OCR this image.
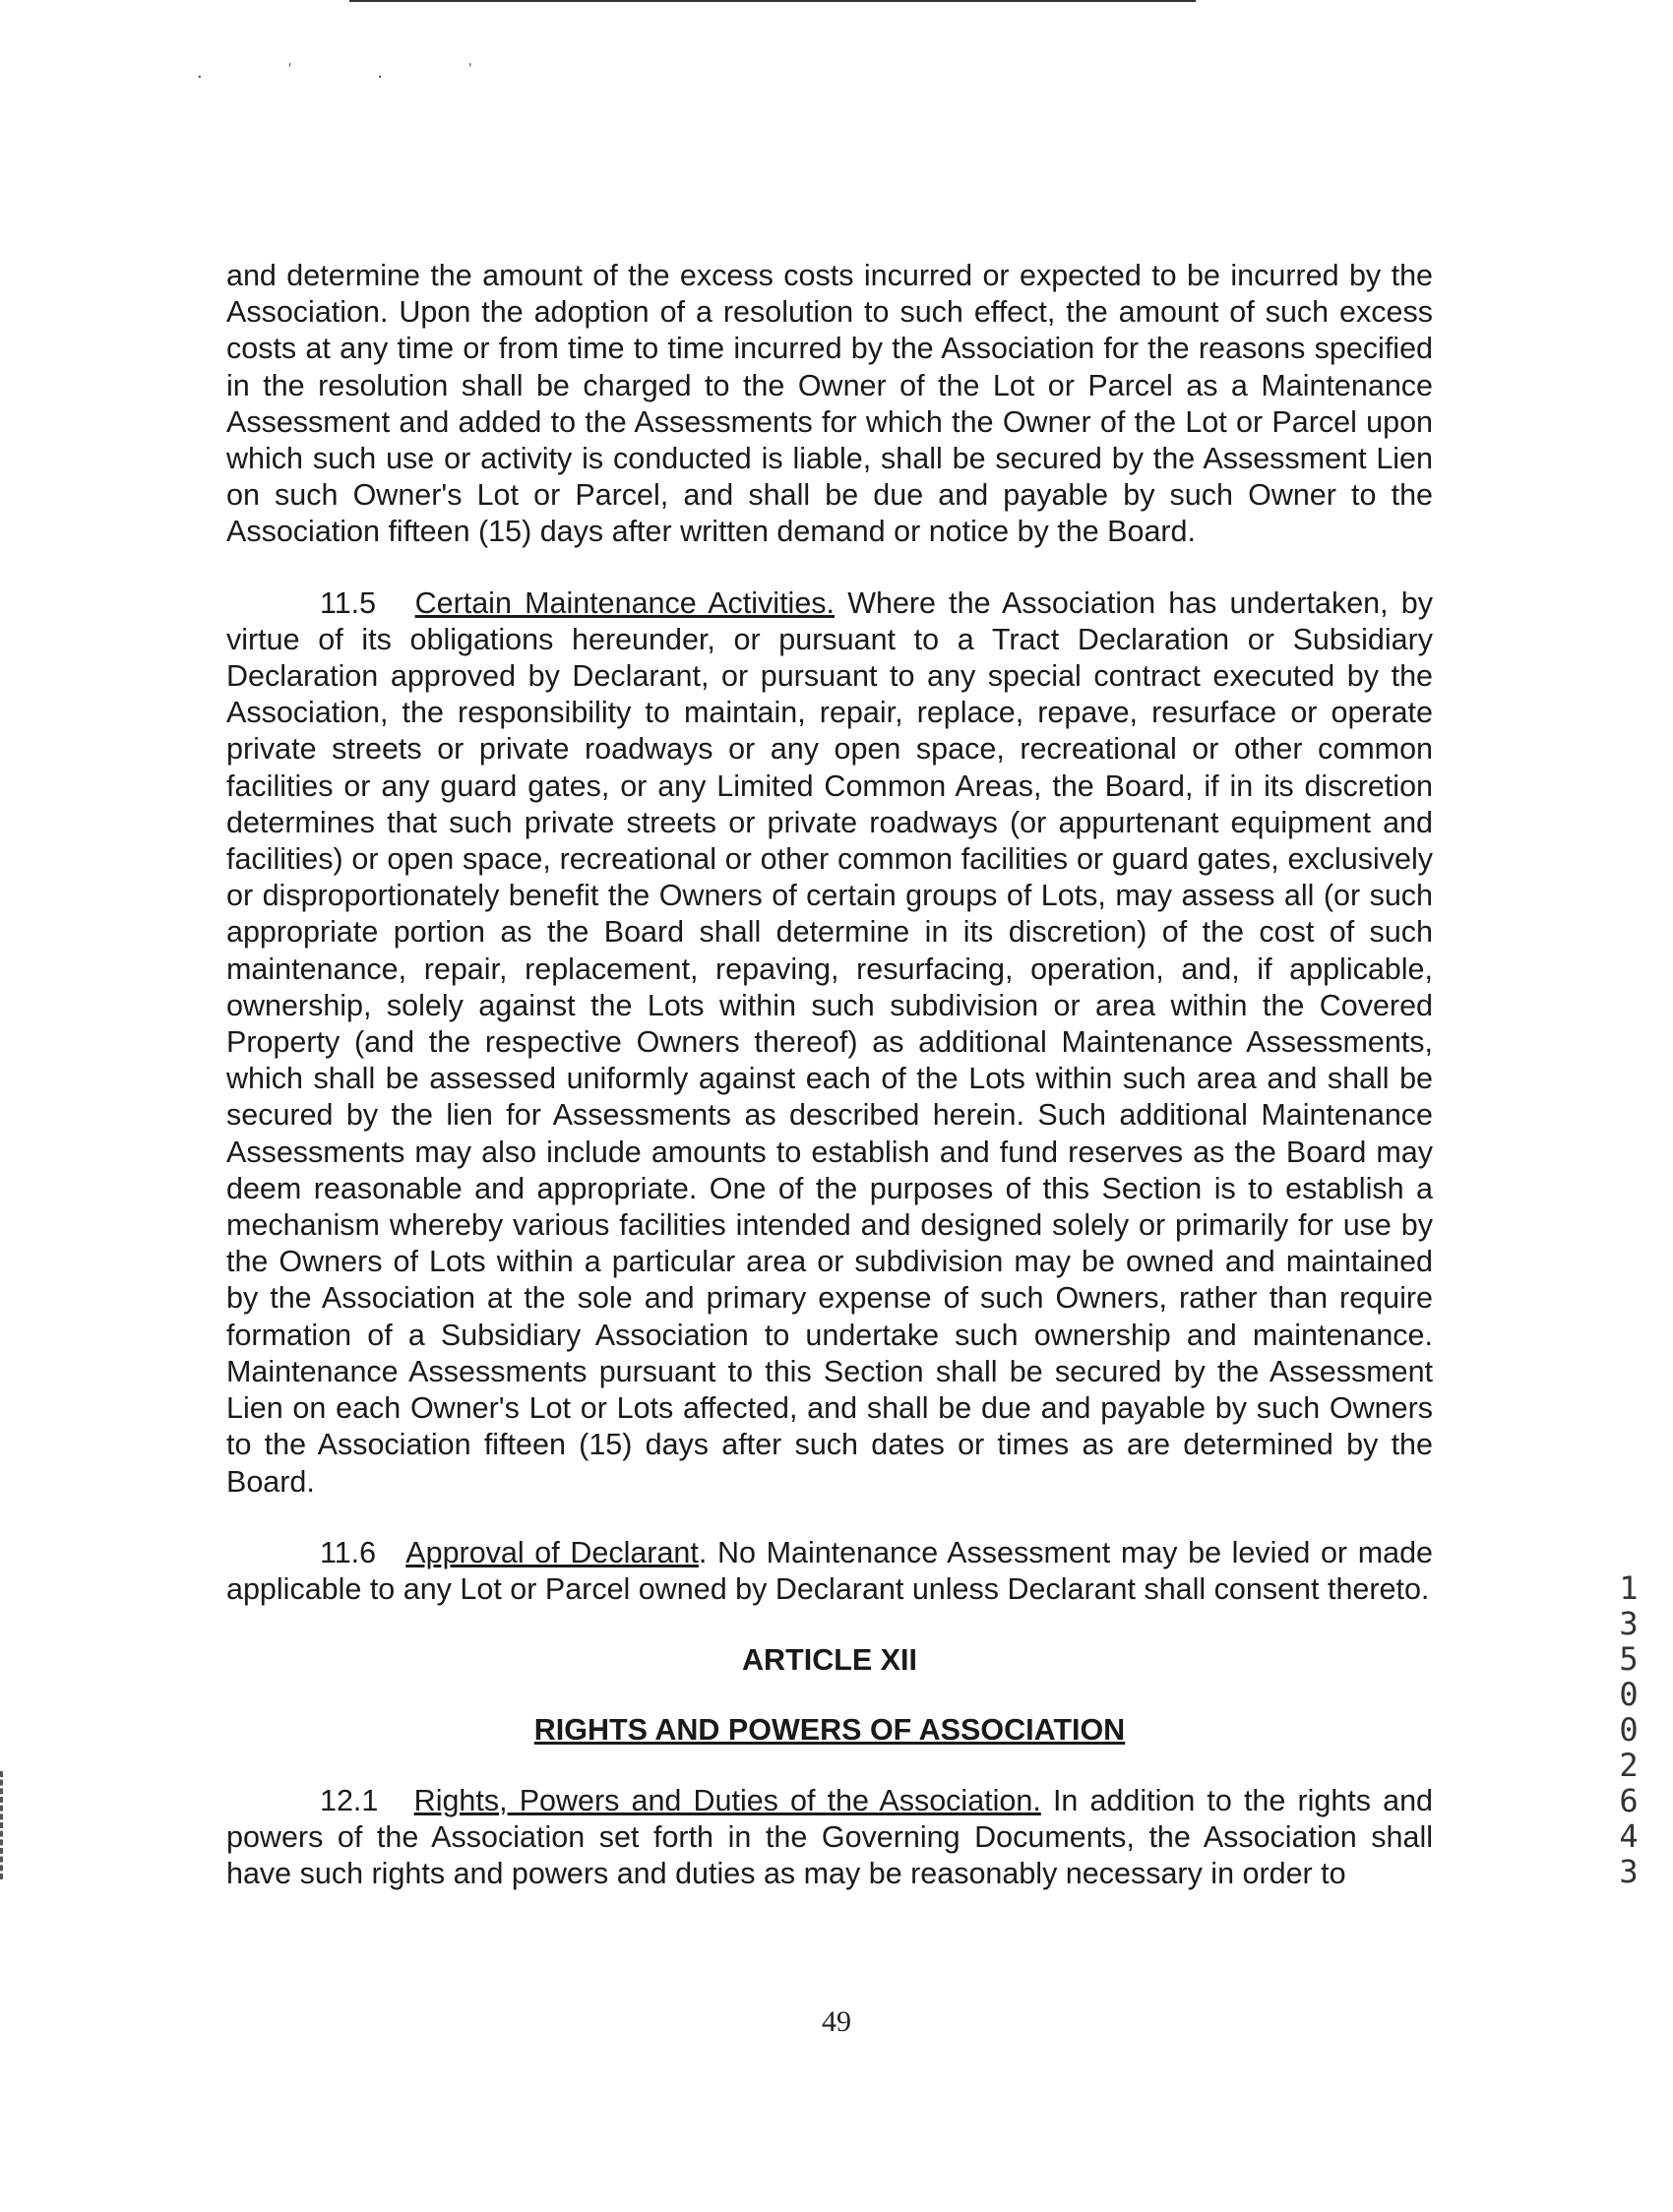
. ˈ . ˈ

and determine the amount of the excess costs incurred or expected to be incurred by the Association. Upon the adoption of a resolution to such effect, the amount of such excess costs at any time or from time to time incurred by the Association for the reasons specified in the resolution shall be charged to the Owner of the Lot or Parcel as a Maintenance Assessment and added to the Assessments for which the Owner of the Lot or Parcel upon which such use or activity is conducted is liable, shall be secured by the Assessment Lien on such Owner's Lot or Parcel, and shall be due and payable by such Owner to the Association fifteen (15) days after written demand or notice by the Board.

11.5 Certain Maintenance Activities. Where the Association has undertaken, by virtue of its obligations hereunder, or pursuant to a Tract Declaration or Subsidiary Declaration approved by Declarant, or pursuant to any special contract executed by the Association, the responsibility to maintain, repair, replace, repave, resurface or operate private streets or private roadways or any open space, recreational or other common facilities or any guard gates, or any Limited Common Areas, the Board, if in its discretion determines that such private streets or private roadways (or appurtenant equipment and facilities) or open space, recreational or other common facilities or guard gates, exclusively or disproportionately benefit the Owners of certain groups of Lots, may assess all (or such appropriate portion as the Board shall determine in its discretion) of the cost of such maintenance, repair, replacement, repaving, resurfacing, operation, and, if applicable, ownership, solely against the Lots within such subdivision or area within the Covered Property (and the respective Owners thereof) as additional Maintenance Assessments, which shall be assessed uniformly against each of the Lots within such area and shall be secured by the lien for Assessments as described herein. Such additional Maintenance Assessments may also include amounts to establish and fund reserves as the Board may deem reasonable and appropriate. One of the purposes of this Section is to establish a mechanism whereby various facilities intended and designed solely or primarily for use by the Owners of Lots within a particular area or subdivision may be owned and maintained by the Association at the sole and primary expense of such Owners, rather than require formation of a Subsidiary Association to undertake such ownership and maintenance. Maintenance Assessments pursuant to this Section shall be secured by the Assessment Lien on each Owner's Lot or Lots affected, and shall be due and payable by such Owners to the Association fifteen (15) days after such dates or times as are determined by the Board.

11.6 Approval of Declarant. No Maintenance Assessment may be levied or made applicable to any Lot or Parcel owned by Declarant unless Declarant shall consent thereto.

ARTICLE XII
RIGHTS AND POWERS OF ASSOCIATION

12.1 Rights, Powers and Duties of the Association. In addition to the rights and powers of the Association set forth in the Governing Documents, the Association shall have such rights and powers and duties as may be reasonably necessary in order to

49
1350 0264 3
